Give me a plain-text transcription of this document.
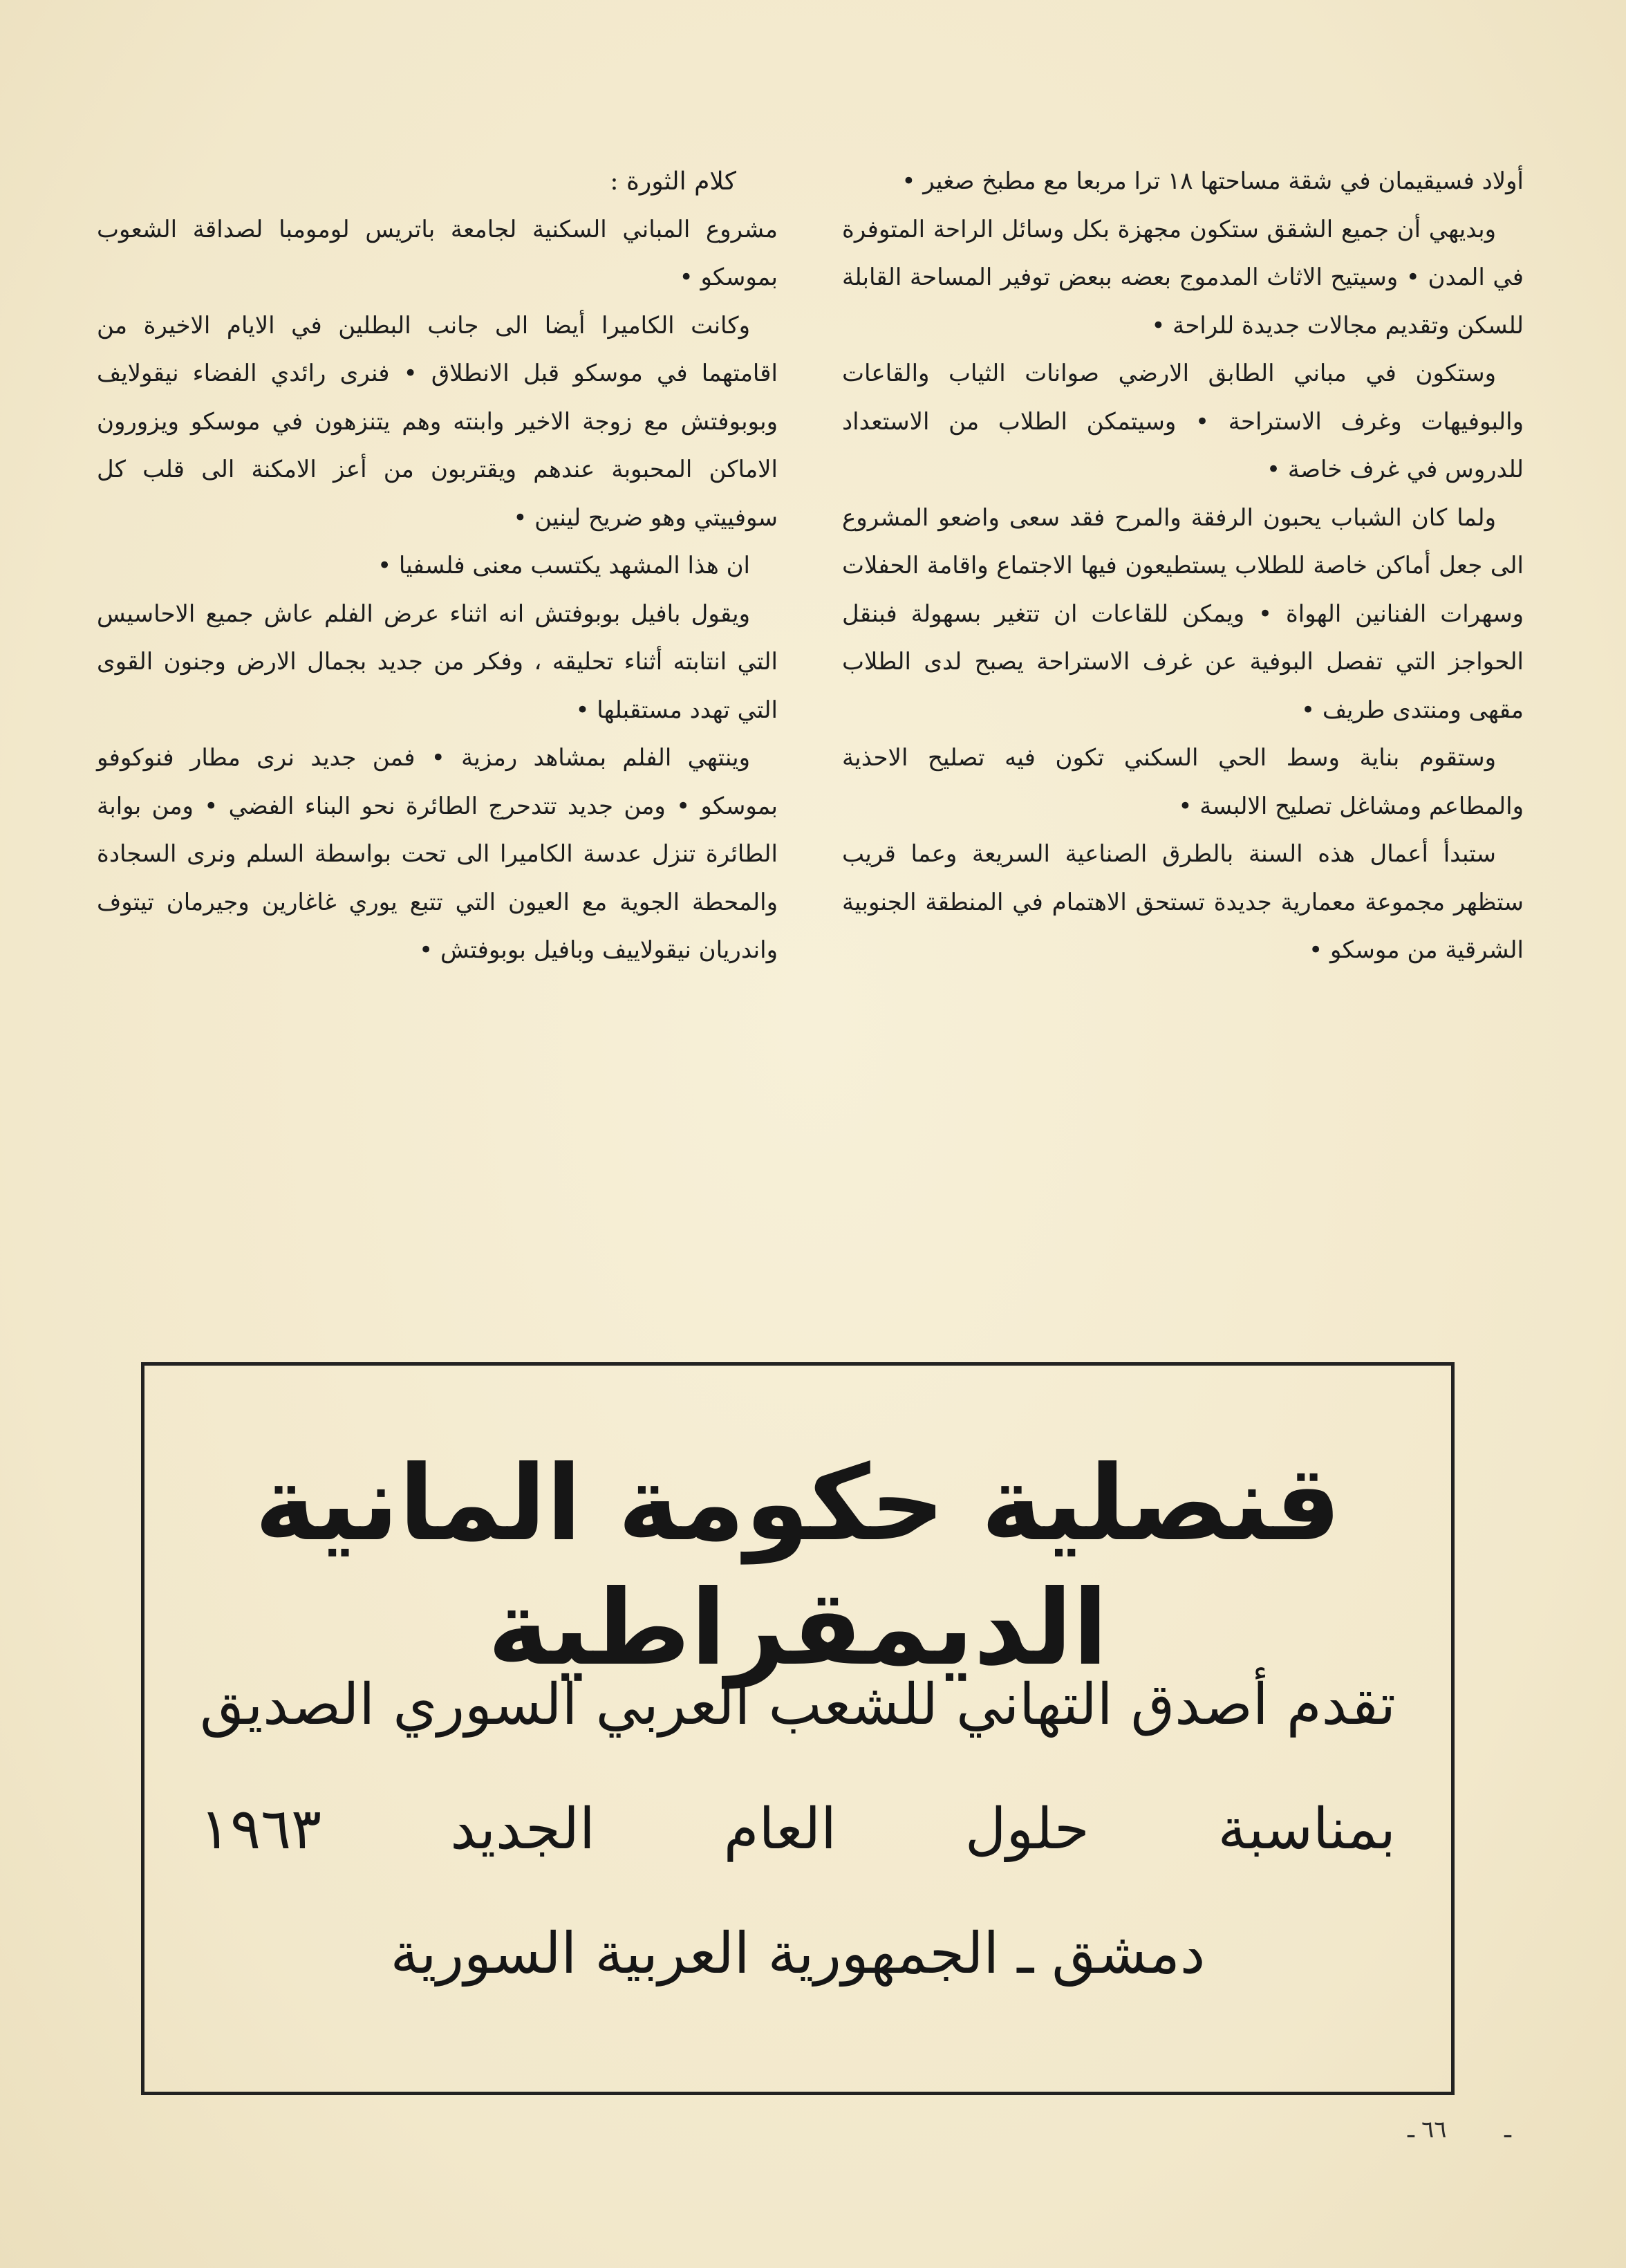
أولاد فسيقيمان في شقة مساحتها ١٨ ترا مربعا مع مطبخ صغير •

وبديهي أن جميع الشقق ستكون مجهزة بكل وسائل الراحة المتوفرة في المدن • وسيتيح الاثاث المدموج بعضه ببعض توفير المساحة القابلة للسكن وتقديم مجالات جديدة للراحة •

وستكون في مباني الطابق الارضي صوانات الثياب والقاعات والبوفيهات وغرف الاستراحة • وسيتمكن الطلاب من الاستعداد للدروس في غرف خاصة •

ولما كان الشباب يحبون الرفقة والمرح فقد سعى واضعو المشروع الى جعل أماكن خاصة للطلاب يستطيعون فيها الاجتماع واقامة الحفلات وسهرات الفنانين الهواة • ويمكن للقاعات ان تتغير بسهولة فبنقل الحواجز التي تفصل البوفية عن غرف الاستراحة يصبح لدى الطلاب مقهى ومنتدى طريف •

وستقوم بناية وسط الحي السكني تكون فيه تصليح الاحذية والمطاعم ومشاغل تصليح الالبسة •

ستبدأ أعمال هذه السنة بالطرق الصناعية السريعة وعما قريب ستظهر مجموعة معمارية جديدة تستحق الاهتمام في المنطقة الجنوبية الشرقية من موسكو •

كلام الثورة :

مشروع المباني السكنية لجامعة باتريس لومومبا لصداقة الشعوب بموسكو •

وكانت الكاميرا أيضا الى جانب البطلين في الايام الاخيرة من اقامتهما في موسكو قبل الانطلاق • فنرى رائدي الفضاء نيقولايف وبوبوفتش مع زوجة الاخير وابنته وهم يتنزهون في موسكو ويزورون الاماكن المحبوبة عندهم ويقتربون من أعز الامكنة الى قلب كل سوفييتي وهو ضريح لينين •

ان هذا المشهد يكتسب معنى فلسفيا •

ويقول بافيل بوبوفتش انه اثناء عرض الفلم عاش جميع الاحاسيس التي انتابته أثناء تحليقه ، وفكر من جديد بجمال الارض وجنون القوى التي تهدد مستقبلها •

وينتهي الفلم بمشاهد رمزية • فمن جديد نرى مطار فنوكوفو بموسكو • ومن جديد تتدحرج الطائرة نحو البناء الفضي • ومن بوابة الطائرة تنزل عدسة الكاميرا الى تحت بواسطة السلم ونرى السجادة والمحطة الجوية مع العيون التي تتبع يوري غاغارين وجيرمان تيتوف واندريان نيقولاييف وبافيل بوبوفتش •

قنصلية حكومة المانية الديمقراطية
تقدم
أصدق
التهاني
للشعب
العربي
السوري
الصديق
بمناسبة
حلول
العام
الجديد
١٩٦٣
دمشق ـ الجمهورية العربية السورية
ـ
٦٦
ـ
